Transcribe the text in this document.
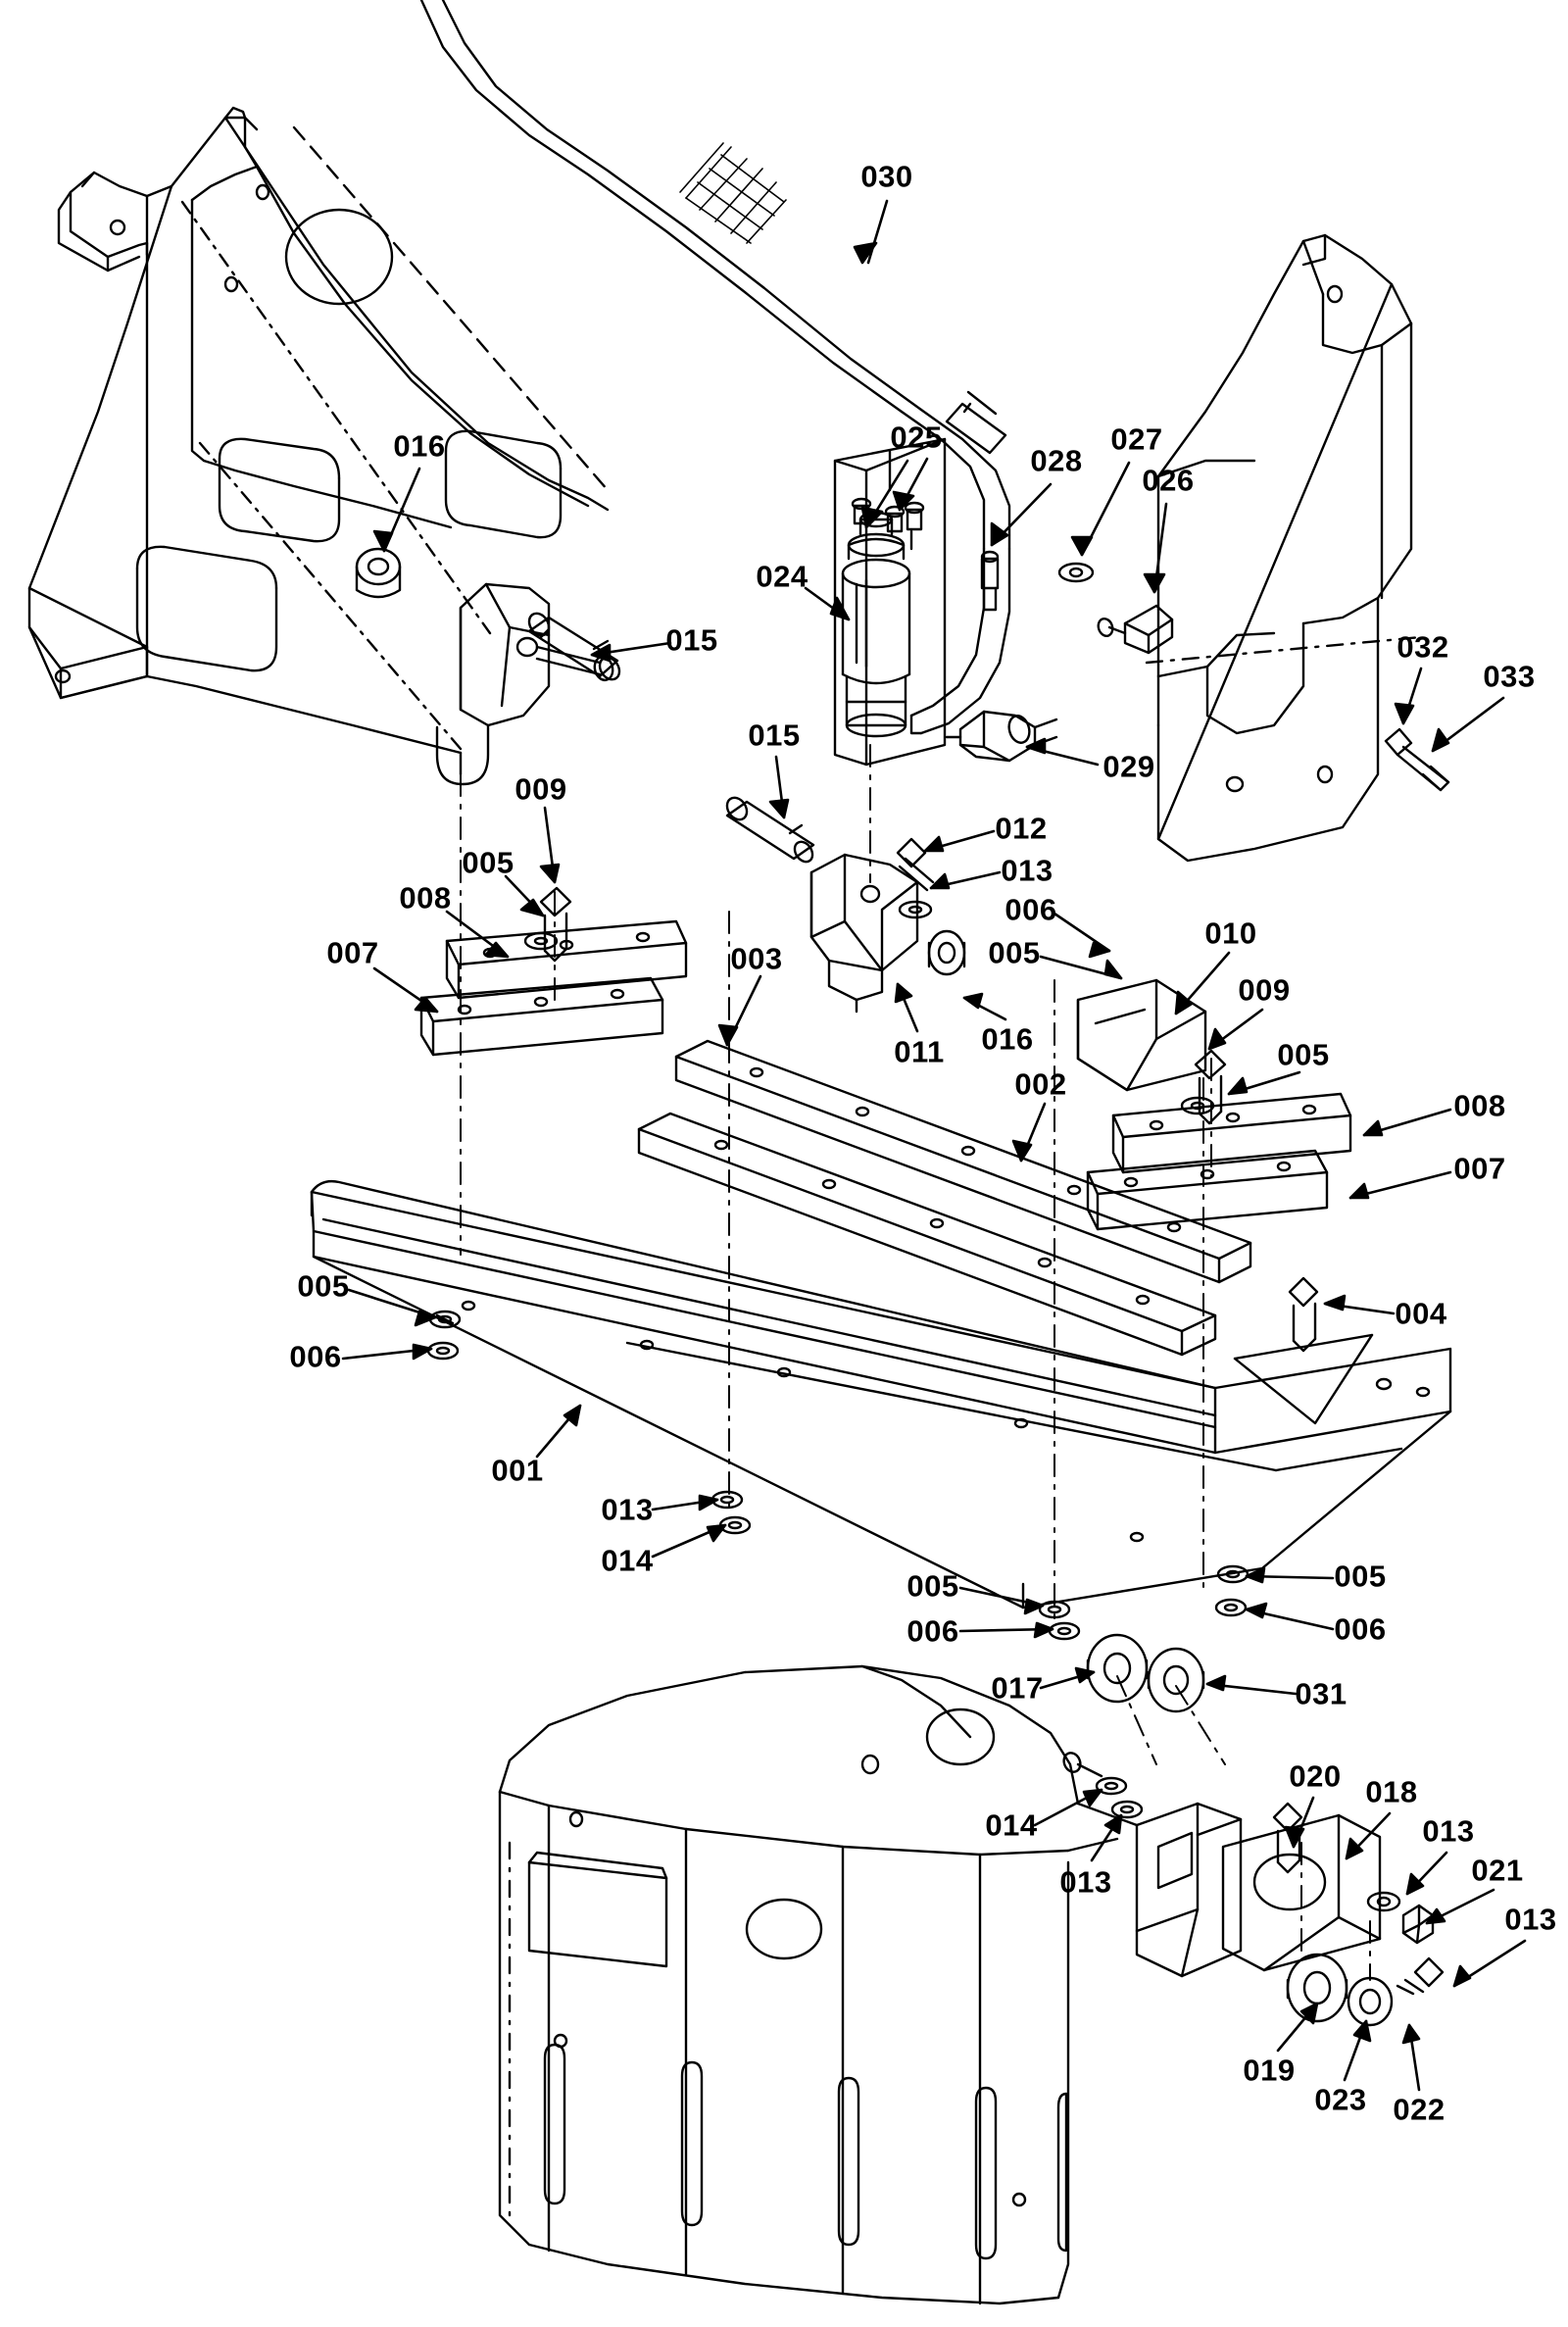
030
025
028
027
026
024
016
015	032
033
029
015
012
013
006
005
009
005
008
007	003
011 016
010
009
005
002
008
007
004
005
006
001
013
014
005
006
005
006
017	031
020 018
013
021
013
014
013
019
023 022
